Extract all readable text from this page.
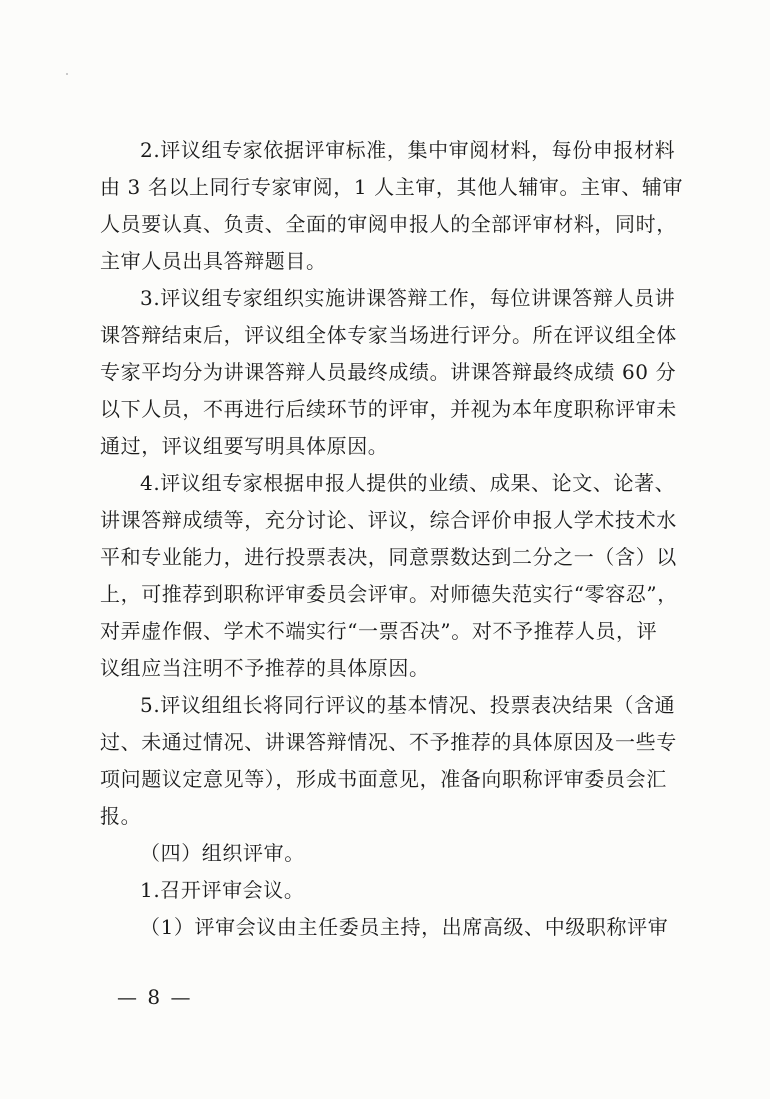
2.评议组专家依据评审标准，集中审阅材料，每份申报材料
由 3 名以上同行专家审阅，1 人主审，其他人辅审。主审、辅审
人员要认真、负责、全面的审阅申报人的全部评审材料，同时，
主审人员出具答辩题目。
3.评议组专家组织实施讲课答辩工作，每位讲课答辩人员讲
课答辩结束后，评议组全体专家当场进行评分。所在评议组全体
专家平均分为讲课答辩人员最终成绩。讲课答辩最终成绩 60 分
以下人员，不再进行后续环节的评审，并视为本年度职称评审未
通过，评议组要写明具体原因。
4.评议组专家根据申报人提供的业绩、成果、论文、论著、
讲课答辩成绩等，充分讨论、评议，综合评价申报人学术技术水
平和专业能力，进行投票表决，同意票数达到二分之一（含）以
上，可推荐到职称评审委员会评审。对师德失范实行“零容忍”，
对弄虚作假、学术不端实行“一票否决”。对不予推荐人员，评
议组应当注明不予推荐的具体原因。
5.评议组组长将同行评议的基本情况、投票表决结果（含通
过、未通过情况、讲课答辩情况、不予推荐的具体原因及一些专
项问题议定意见等），形成书面意见，准备向职称评审委员会汇
报。
（四）组织评审。
1.召开评审会议。
（1）评审会议由主任委员主持，出席高级、中级职称评审
— 8 —
